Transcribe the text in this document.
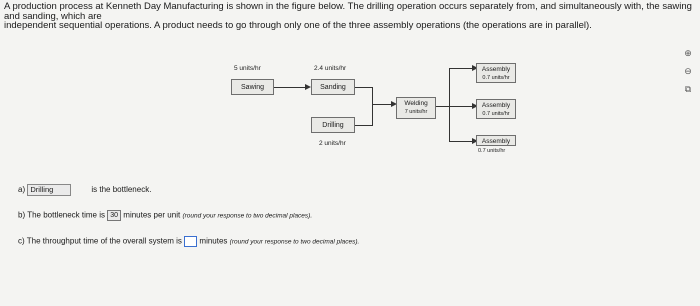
A production process at Kenneth Day Manufacturing is shown in the figure below. The drilling operation occurs separately from, and simultaneously with, the sawing and sanding, which are
independent sequential operations. A product needs to go through only one of the three assembly operations (the operations are in parallel).
⊕
⊖
⧉
5 units/hr
Sawing
2.4 units/hr
Sanding
Drilling
2 units/hr
Welding
7 units/hr
Assembly
0.7 units/hr
Assembly
0.7 units/hr
Assembly
0.7 units/hr
a) Drilling	is the bottleneck.
b) The bottleneck time is 30 minutes per unit (round your response to two decimal places).
c) The throughput time of the overall system is minutes (round your response to two decimal places).
